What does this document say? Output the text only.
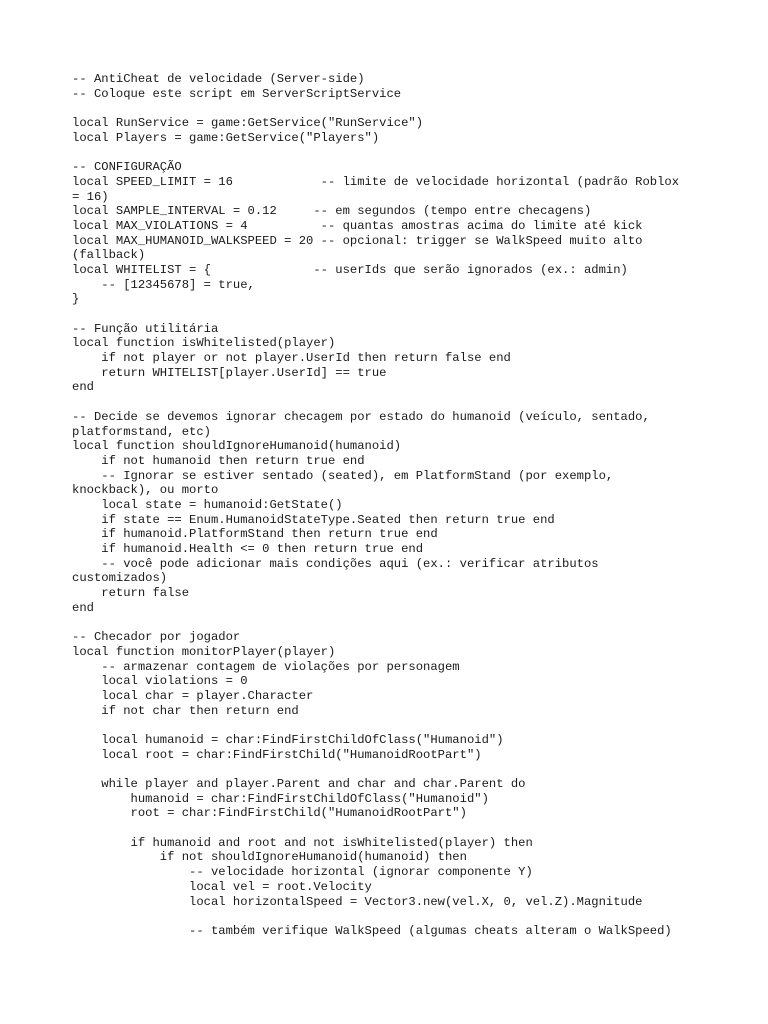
-- AntiCheat de velocidade (Server-side)
-- Coloque este script em ServerScriptService
local RunService = game:GetService("RunService")
local Players = game:GetService("Players")
-- CONFIGURAÇÃO
local SPEED_LIMIT = 16            -- limite de velocidade horizontal (padrão Roblox
= 16)
local SAMPLE_INTERVAL = 0.12     -- em segundos (tempo entre checagens)
local MAX_VIOLATIONS = 4          -- quantas amostras acima do limite até kick
local MAX_HUMANOID_WALKSPEED = 20 -- opcional: trigger se WalkSpeed muito alto
(fallback)
local WHITELIST = {              -- userIds que serão ignorados (ex.: admin)
-- [12345678] = true,
}
-- Função utilitária
local function isWhitelisted(player)
if not player or not player.UserId then return false end
return WHITELIST[player.UserId] == true
end
-- Decide se devemos ignorar checagem por estado do humanoid (veículo, sentado,
platformstand, etc)
local function shouldIgnoreHumanoid(humanoid)
if not humanoid then return true end
-- Ignorar se estiver sentado (seated), em PlatformStand (por exemplo,
knockback), ou morto
local state = humanoid:GetState()
if state == Enum.HumanoidStateType.Seated then return true end
if humanoid.PlatformStand then return true end
if humanoid.Health <= 0 then return true end
-- você pode adicionar mais condições aqui (ex.: verificar atributos
customizados)
return false
end
-- Checador por jogador
local function monitorPlayer(player)
-- armazenar contagem de violações por personagem
local violations = 0
local char = player.Character
if not char then return end
local humanoid = char:FindFirstChildOfClass("Humanoid")
local root = char:FindFirstChild("HumanoidRootPart")
while player and player.Parent and char and char.Parent do
humanoid = char:FindFirstChildOfClass("Humanoid")
root = char:FindFirstChild("HumanoidRootPart")
if humanoid and root and not isWhitelisted(player) then
if not shouldIgnoreHumanoid(humanoid) then
-- velocidade horizontal (ignorar componente Y)
local vel = root.Velocity
local horizontalSpeed = Vector3.new(vel.X, 0, vel.Z).Magnitude
-- também verifique WalkSpeed (algumas cheats alteram o WalkSpeed)
